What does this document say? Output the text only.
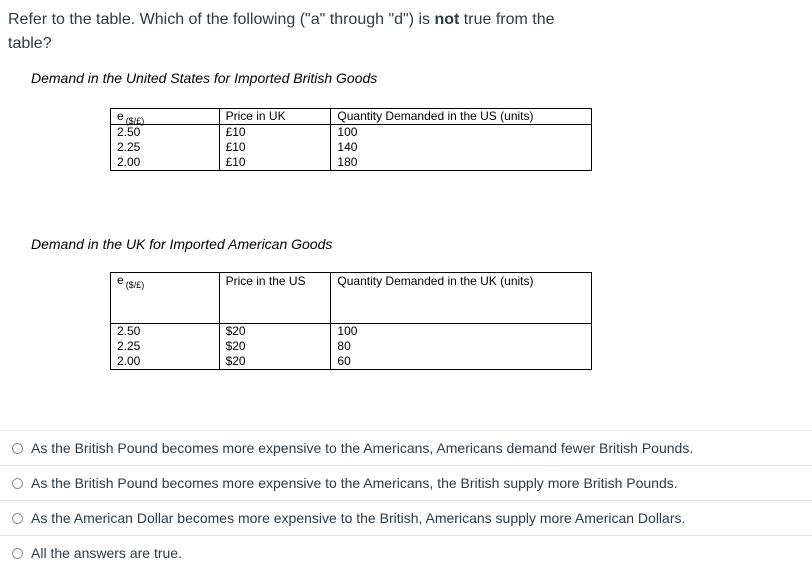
Refer to the table. Which of the following ("a" through "d") is not true from the table?
Demand in the United States for Imported British Goods
e $_{(\$/£)}$	Price in UK	Quantity Demanded in the US (units)
2.50	£10	100
2.25	£10	140
2.00	£10	180
Demand in the UK for Imported American Goods
e $_{(\$/£)}$	Price in the US	Quantity Demanded in the UK (units)
2.50	$20	100
2.25	$20	80
2.00	$20	60
As the British Pound becomes more expensive to the Americans, Americans demand fewer British Pounds.
As the British Pound becomes more expensive to the Americans, the British supply more British Pounds.
As the American Dollar becomes more expensive to the British, Americans supply more American Dollars.
All the answers are true.
